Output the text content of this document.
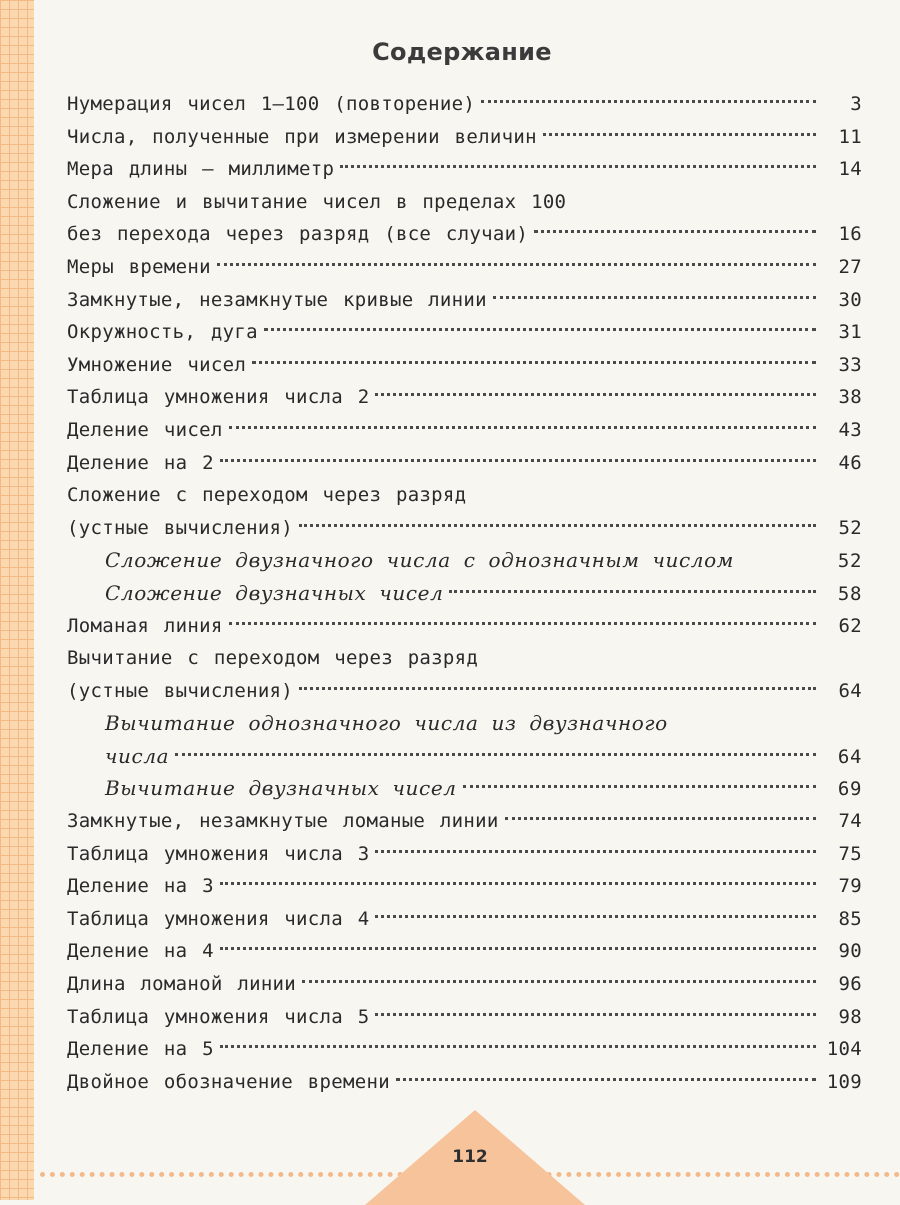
Содержание
Нумерация чисел 1—100 (повторение)	3
Числа, полученные при измерении величин	11
Мера длины — миллиметр	14
Сложение и вычитание чисел в пределах 100
без перехода через разряд (все случаи)	16
Меры времени	27
Замкнутые, незамкнутые кривые линии	30
Окружность, дуга	31
Умножение чисел	33
Таблица умножения числа 2	38
Деление чисел	43
Деление на 2	46
Сложение с переходом через разряд
(устные вычисления)	52
Сложение двузначного числа с однозначным числом	52
Сложение двузначных чисел	58
Ломаная линия	62
Вычитание с переходом через разряд
(устные вычисления)	64
Вычитание однозначного числа из двузначного
числа	64
Вычитание двузначных чисел	69
Замкнутые, незамкнутые ломаные линии	74
Таблица умножения числа 3	75
Деление на 3	79
Таблица умножения числа 4	85
Деление на 4	90
Длина ломаной линии	96
Таблица умножения числа 5	98
Деление на 5	104
Двойное обозначение времени	109
112
